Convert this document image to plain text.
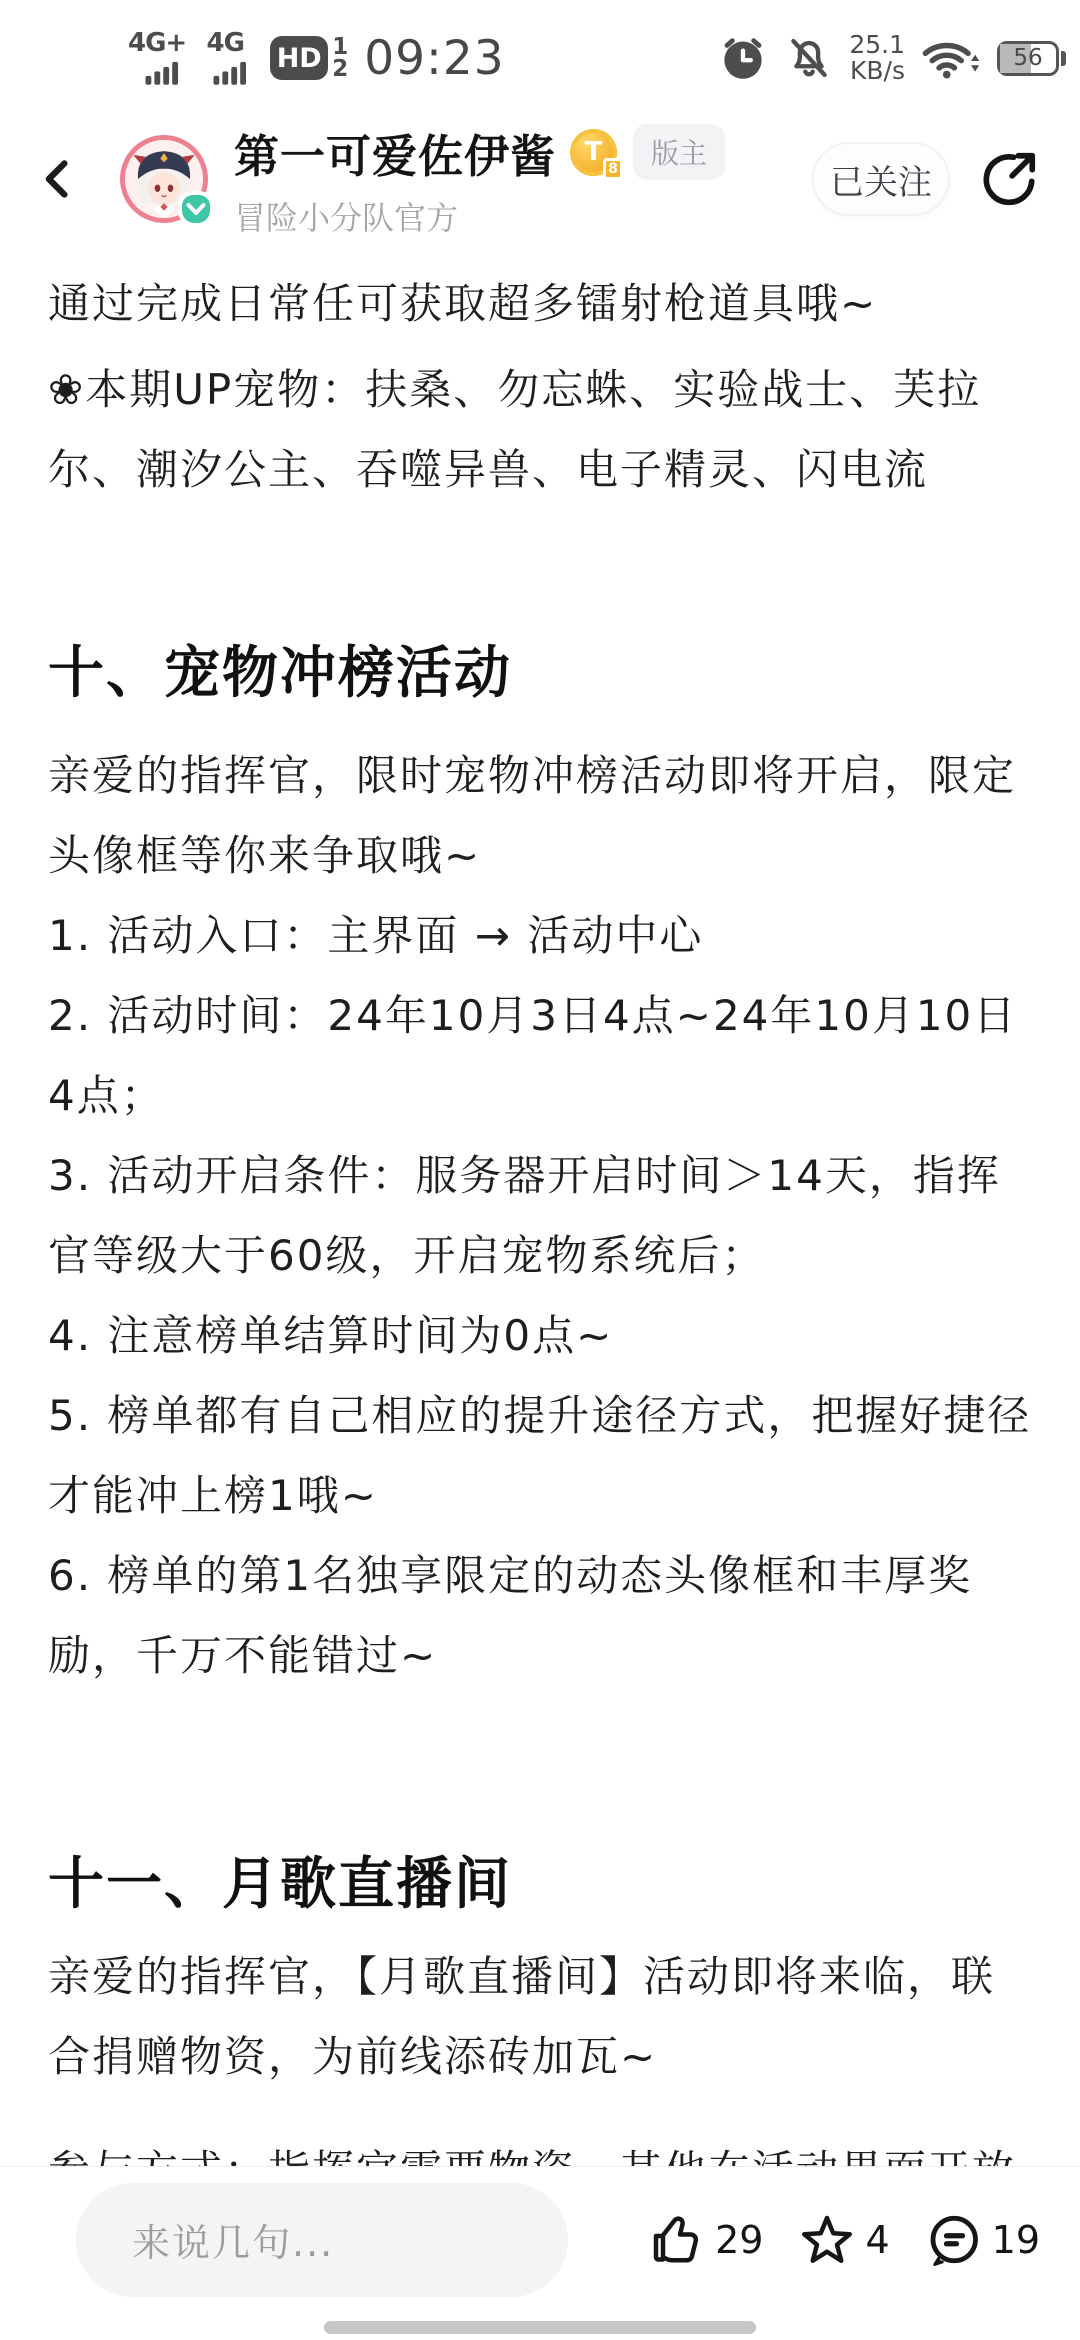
4G+ 4G HD 1
2 09:23	25.1
KB/s	56
第一可爱佐伊酱 T
8	版主
冒险小分队官方
已关注

通过完成日常任可获取超多镭射枪道具哦~

❀本期UP宠物：扶桑、勿忘蛛、实验战士、芙拉尔、潮汐公主、吞噬异兽、电子精灵、闪电流

十、宠物冲榜活动

亲爱的指挥官，限时宠物冲榜活动即将开启，限定头像框等你来争取哦~

1. 活动入口：主界面 → 活动中心

2. 活动时间：24年10月3日4点~24年10月10日4点；

3. 活动开启条件：服务器开启时间＞14天，指挥官等级大于60级，开启宠物系统后；

4. 注意榜单结算时间为0点~

5. 榜单都有自己相应的提升途径方式，把握好捷径才能冲上榜1哦~

6. 榜单的第1名独享限定的动态头像框和丰厚奖励，千万不能错过~

十一、月歌直播间

亲爱的指挥官，【月歌直播间】活动即将来临，联合捐赠物资，为前线添砖加瓦~

来说几句...	29	4	19
